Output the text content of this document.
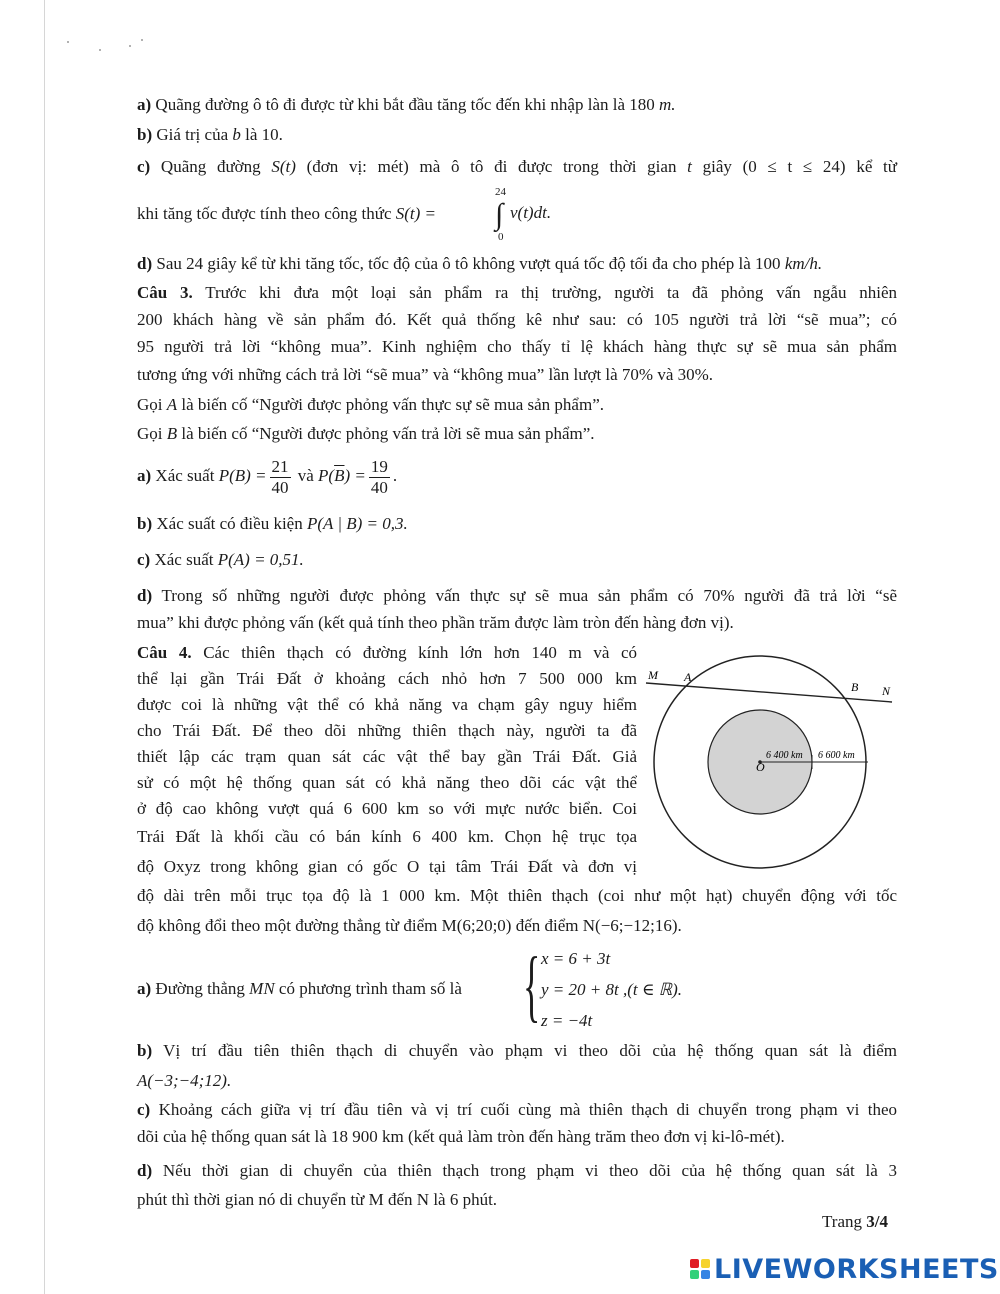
a) Quãng đường ô tô đi được từ khi bắt đầu tăng tốc đến khi nhập làn là 180 m.
b) Giá trị của b là 10.
c) Quãng đường S(t) (đơn vị: mét) mà ô tô đi được trong thời gian t giây (0 ≤ t ≤ 24) kể từ
khi tăng tốc được tính theo công thức S(t) =
24
∫
0
v(t)dt.
d) Sau 24 giây kể từ khi tăng tốc, tốc độ của ô tô không vượt quá tốc độ tối đa cho phép là 100 km/h.
Câu 3. Trước khi đưa một loại sản phẩm ra thị trường, người ta đã phỏng vấn ngẫu nhiên
200 khách hàng về sản phẩm đó. Kết quả thống kê như sau: có 105 người trả lời “sẽ mua”; có
95 người trả lời “không mua”. Kinh nghiệm cho thấy tỉ lệ khách hàng thực sự sẽ mua sản phẩm
tương ứng với những cách trả lời “sẽ mua” và “không mua” lần lượt là 70% và 30%.
Gọi A là biến cố “Người được phỏng vấn thực sự sẽ mua sản phẩm”.
Gọi B là biến cố “Người được phỏng vấn trả lời sẽ mua sản phẩm”.
a) Xác suất $P(B) = \frac{21}{40}$ và $P(\overline{B}) = \frac{19}{40}$ .
b) Xác suất có điều kiện P(A | B) = 0,3.
c) Xác suất P(A) = 0,51.
d) Trong số những người được phỏng vấn thực sự sẽ mua sản phẩm có 70% người đã trả lời “sẽ
mua” khi được phỏng vấn (kết quả tính theo phần trăm được làm tròn đến hàng đơn vị).
Câu 4. Các thiên thạch có đường kính lớn hơn 140 m và có
thể lại gần Trái Đất ở khoảng cách nhỏ hơn 7 500 000 km
được coi là những vật thể có khả năng va chạm gây nguy hiểm
cho Trái Đất. Để theo dõi những thiên thạch này, người ta đã
thiết lập các trạm quan sát các vật thể bay gần Trái Đất. Giả
sử có một hệ thống quan sát có khả năng theo dõi các vật thể
ở độ cao không vượt quá 6 600 km so với mực nước biển. Coi
Trái Đất là khối cầu có bán kính 6 400 km. Chọn hệ trục tọa
độ Oxyz trong không gian có gốc O tại tâm Trái Đất và đơn vị
độ dài trên mỗi trục tọa độ là 1 000 km. Một thiên thạch (coi như một hạt) chuyển động với tốc
độ không đổi theo một đường thẳng từ điểm M(6;20;0) đến điểm N(−6;−12;16).
M A
B N
O
6 400 km 6 600 km
a) Đường thẳng MN có phương trình tham số là { x = 6 + 3t
y = 20 + 8t ,(t ∈ ℝ).
z = −4t
b) Vị trí đầu tiên thiên thạch di chuyển vào phạm vi theo dõi của hệ thống quan sát là điểm
A(−3;−4;12).
c) Khoảng cách giữa vị trí đầu tiên và vị trí cuối cùng mà thiên thạch di chuyển trong phạm vi theo
dõi của hệ thống quan sát là 18 900 km (kết quả làm tròn đến hàng trăm theo đơn vị ki-lô-mét).
d) Nếu thời gian di chuyển của thiên thạch trong phạm vi theo dõi của hệ thống quan sát là 3
phút thì thời gian nó di chuyển từ M đến N là 6 phút.
Trang 3/4
LIVEWORKSHEETS
